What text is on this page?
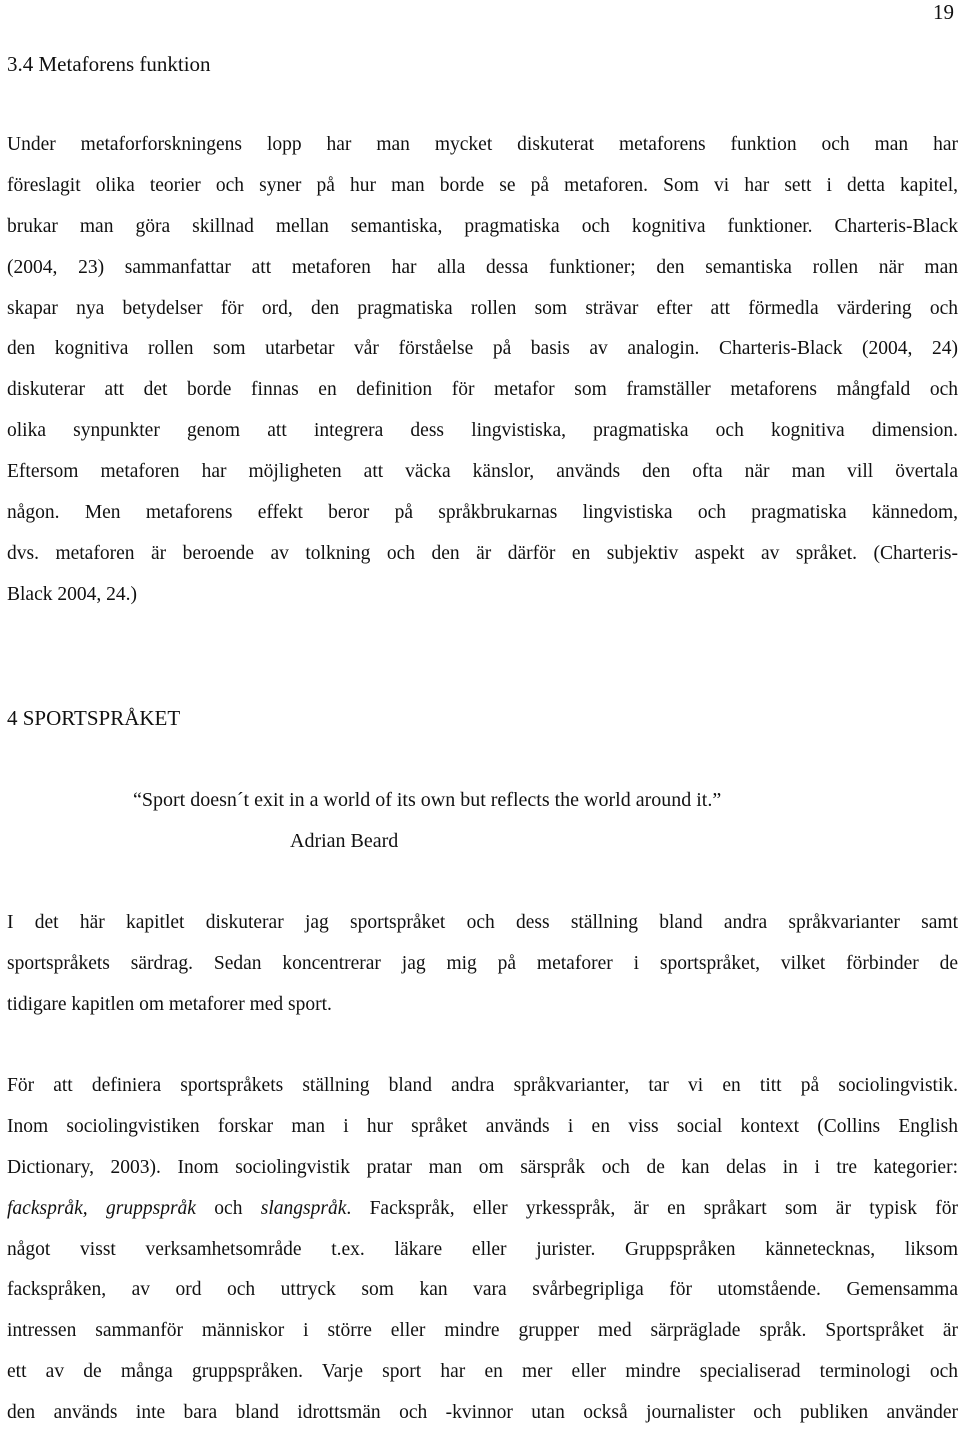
19
3.4 Metaforens funktion
Under metaforforskningens lopp har man mycket diskuterat metaforens funktion och man har
föreslagit olika teorier och syner på hur man borde se på metaforen. Som vi har sett i detta kapitel,
brukar man göra skillnad mellan semantiska, pragmatiska och kognitiva funktioner. Charteris-Black
(2004, 23) sammanfattar att metaforen har alla dessa funktioner; den semantiska rollen när man
skapar nya betydelser för ord, den pragmatiska rollen som strävar efter att förmedla värdering och
den kognitiva rollen som utarbetar vår förståelse på basis av analogin. Charteris-Black (2004, 24)
diskuterar att det borde finnas en definition för metafor som framställer metaforens mångfald och
olika synpunkter genom att integrera dess lingvistiska, pragmatiska och kognitiva dimension.
Eftersom metaforen har möjligheten att väcka känslor, används den ofta när man vill övertala
någon. Men metaforens effekt beror på språkbrukarnas lingvistiska och pragmatiska kännedom,
dvs. metaforen är beroende av tolkning och den är därför en subjektiv aspekt av språket. (Charteris-
Black 2004, 24.)
4 SPORTSPRÅKET
“Sport doesn´t exit in a world of its own but reflects the world around it.”
Adrian Beard
I det här kapitlet diskuterar jag sportspråket och dess ställning bland andra språkvarianter samt
sportspråkets särdrag. Sedan koncentrerar jag mig på metaforer i sportspråket, vilket förbinder de
tidigare kapitlen om metaforer med sport.
För att definiera sportspråkets ställning bland andra språkvarianter, tar vi en titt på sociolingvistik.
Inom sociolingvistiken forskar man i hur språket används i en viss social kontext (Collins English
Dictionary, 2003). Inom sociolingvistik pratar man om särspråk och de kan delas in i tre kategorier:
fackspråk, gruppspråk och slangspråk. Fackspråk, eller yrkesspråk, är en språkart som är typisk för
något visst verksamhetsområde t.ex. läkare eller jurister. Gruppspråken kännetecknas, liksom
fackspråken, av ord och uttryck som kan vara svårbegripliga för utomstående. Gemensamma
intressen sammanför människor i större eller mindre grupper med särpräglade språk. Sportspråket är
ett av de många gruppspråken. Varje sport har en mer eller mindre specialiserad terminologi och
den används inte bara bland idrottsmän och -kvinnor utan också journalister och publiken använder
